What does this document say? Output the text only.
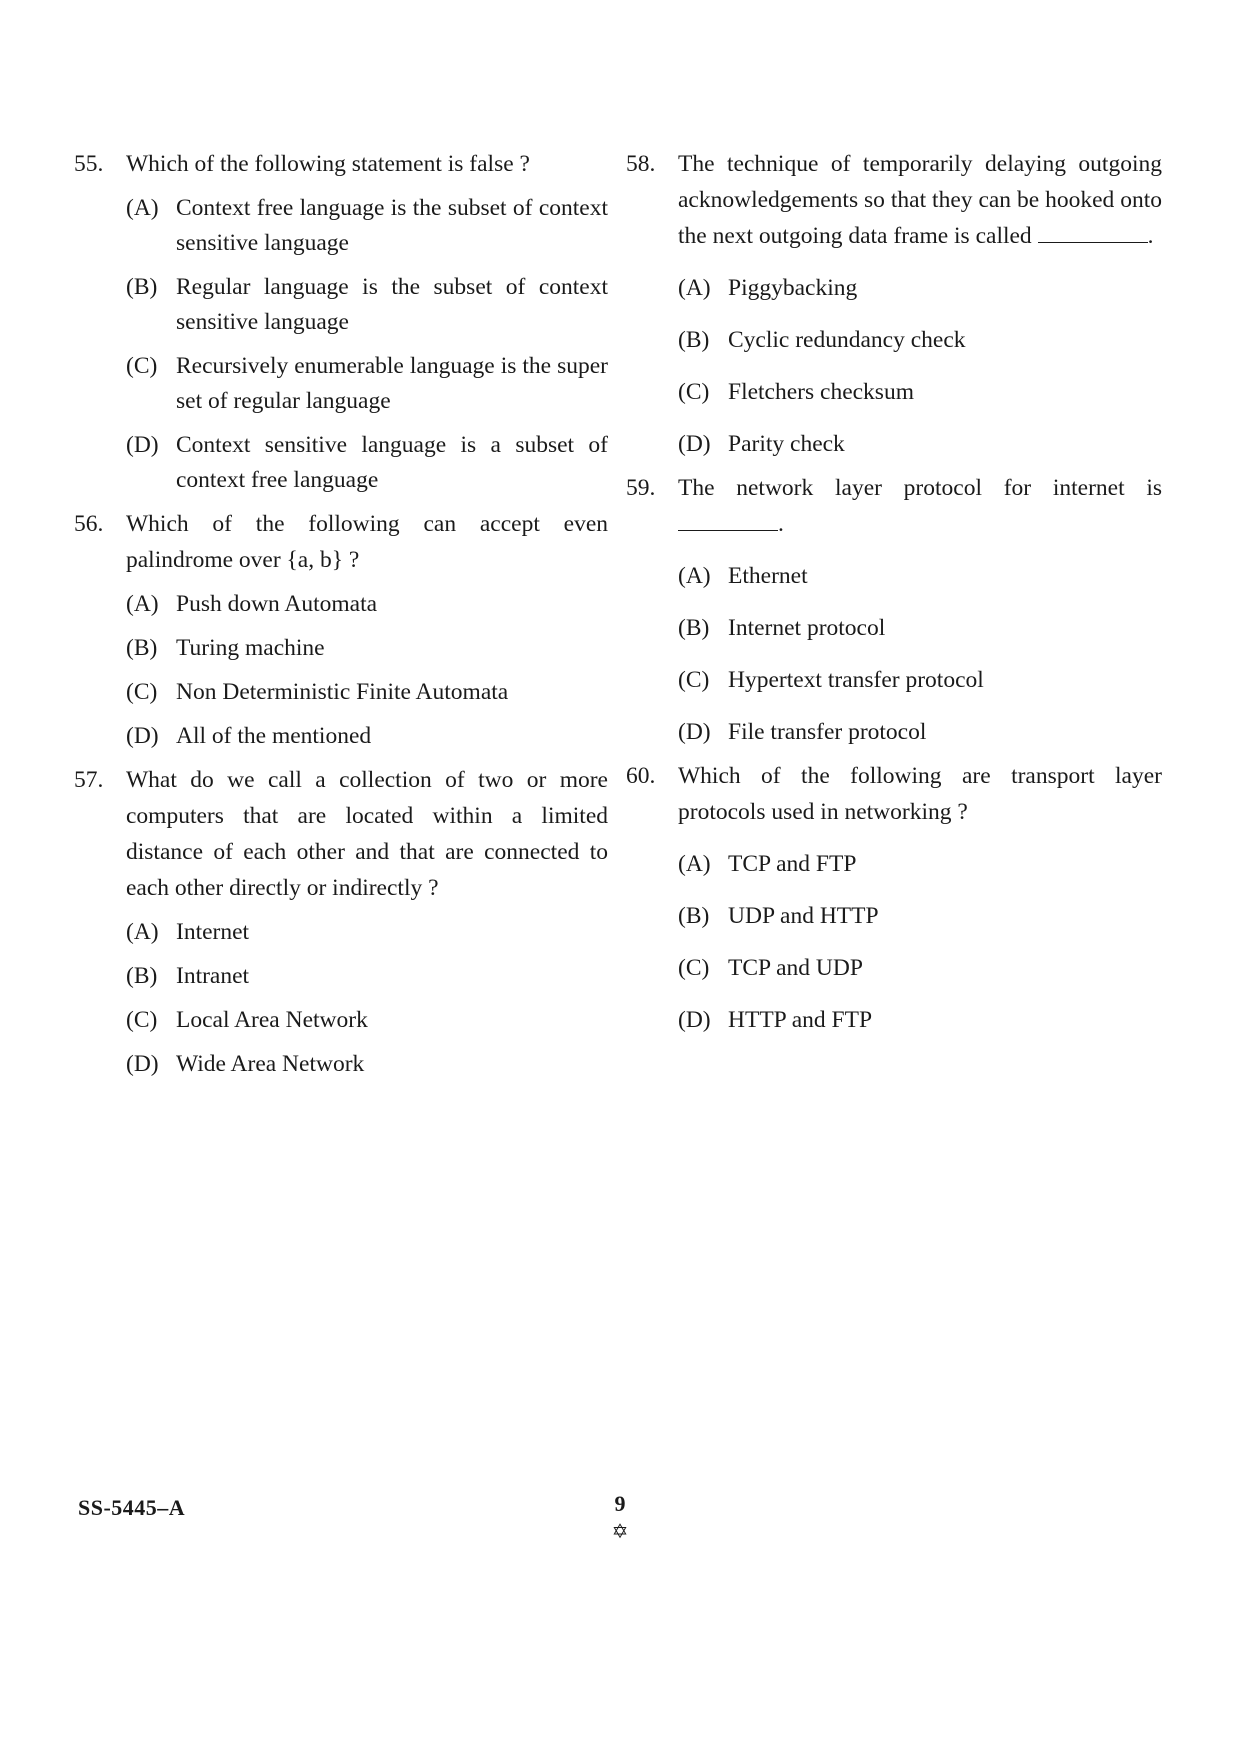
55. Which of the following statement is false ?
(A) Context free language is the subset of context sensitive language
(B) Regular language is the subset of context sensitive language
(C) Recursively enumerable language is the super set of regular language
(D) Context sensitive language is a subset of context free language
56. Which of the following can accept even palindrome over {a, b} ?
(A) Push down Automata
(B) Turing machine
(C) Non Deterministic Finite Automata
(D) All of the mentioned
57. What do we call a collection of two or more computers that are located within a limited distance of each other and that are connected to each other directly or indirectly ?
(A) Internet
(B) Intranet
(C) Local Area Network
(D) Wide Area Network
58. The technique of temporarily delaying outgoing acknowledgements so that they can be hooked onto the next outgoing data frame is called	.
(A) Piggybacking
(B) Cyclic redundancy check
(C) Fletchers checksum
(D) Parity check
59. The network layer protocol for internet is .
(A) Ethernet
(B) Internet protocol
(C) Hypertext transfer protocol
(D) File transfer protocol
60. Which of the following are transport layer protocols used in networking ?
(A) TCP and FTP
(B) UDP and HTTP
(C) TCP and UDP
(D) HTTP and FTP
SS-5445–A	9
✡
